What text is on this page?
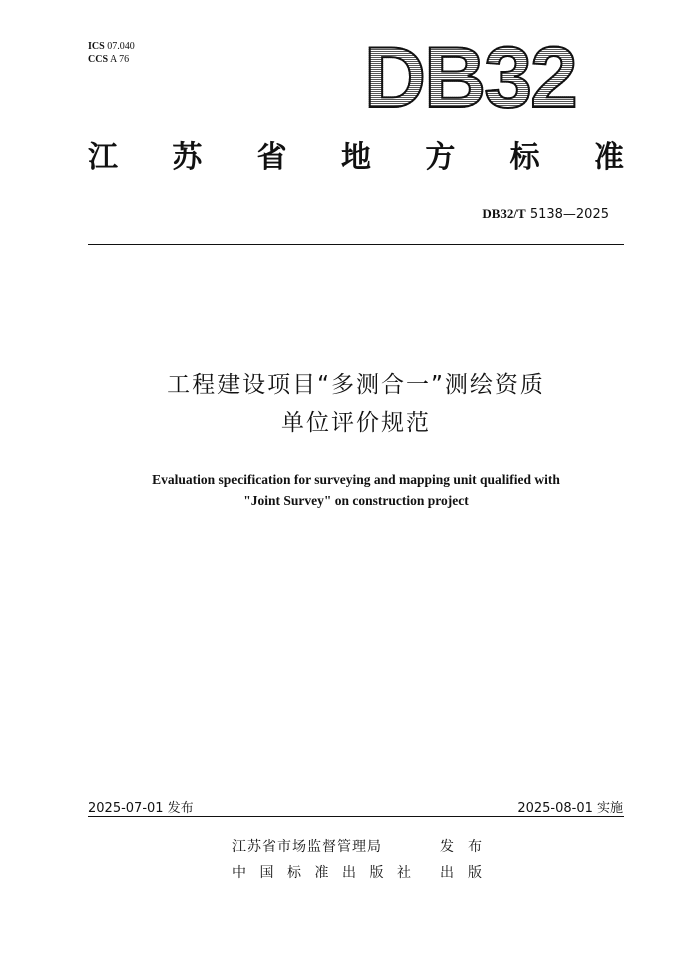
ICS 07.040
CCS A 76	DB32
江 苏 省 地 方 标 准
DB32/T 5138—2025
工程建设项目“多测合一”测绘资质
单位评价规范
Evaluation specification for surveying and mapping unit qualified with
"Joint Survey" on construction project
2025-07-01 发布	2025-08-01 实施
江苏省市场监督管理局	发 布
中 国 标 准 出 版 社 出 版
